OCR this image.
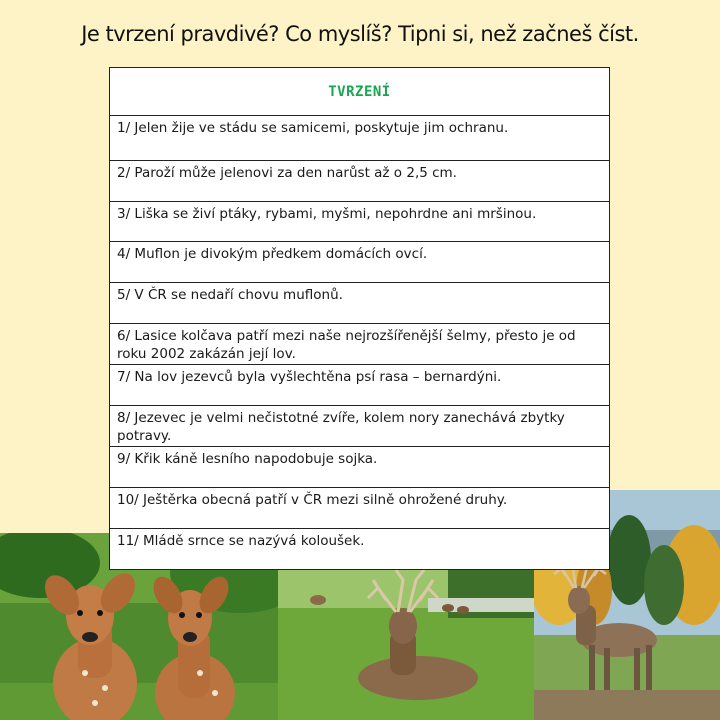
Je tvrzení pravdivé? Co myslíš? Tipni si, než začneš číst.
TVRZENÍ
1/ Jelen žije ve stádu se samicemi, poskytuje jim ochranu.
2/ Paroží může jelenovi za den narůst až o 2,5 cm.
3/ Liška se živí ptáky, rybami, myšmi, nepohrdne ani mršinou.
4/ Muflon je divokým předkem domácích ovcí.
5/ V ČR se nedaří chovu muflonů.
6/ Lasice kolčava patří mezi naše nejrozšířenější šelmy, přesto je od roku 2002 zakázán její lov.
7/ Na lov jezevců byla vyšlechtěna psí rasa – bernardýni.
8/ Jezevec je velmi nečistotné zvíře, kolem nory zanechává zbytky potravy.
9/ Křik káně lesního napodobuje sojka.
10/ Ještěrka obecná patří v ČR mezi silně ohrožené druhy.
11/ Mládě srnce se nazývá koloušek.
